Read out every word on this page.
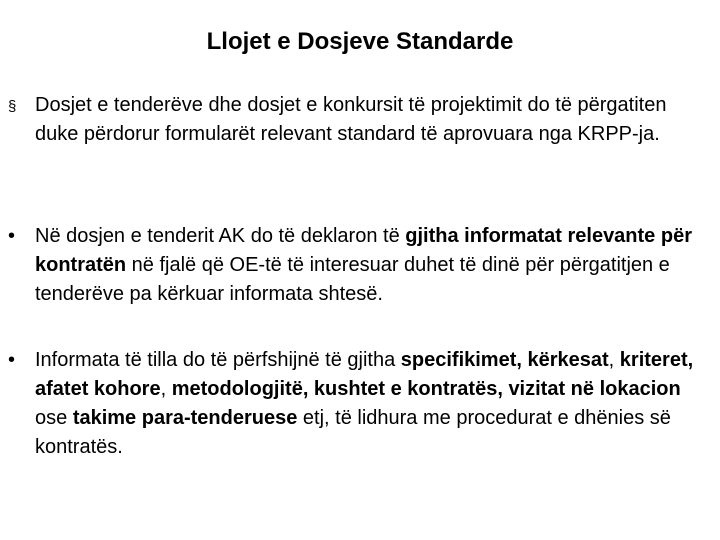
Llojet e Dosjeve Standarde
§ Dosjet e tenderëve dhe dosjet e konkursit të projektimit do të përgatiten duke përdorur formularët relevant standard të aprovuara nga KRPP-ja.
• Në dosjen e tenderit AK do të deklaron të gjitha informatat relevante për kontratën në fjalë që OE-të të interesuar duhet të dinë për përgatitjen e tenderëve pa kërkuar informata shtesë.
• Informata të tilla do të përfshijnë të gjitha specifikimet, kërkesat, kriteret, afatet kohore, metodologjitë, kushtet e kontratës, vizitat në lokacion ose takime para-tenderuese etj, të lidhura me procedurat e dhënies së kontratës.
